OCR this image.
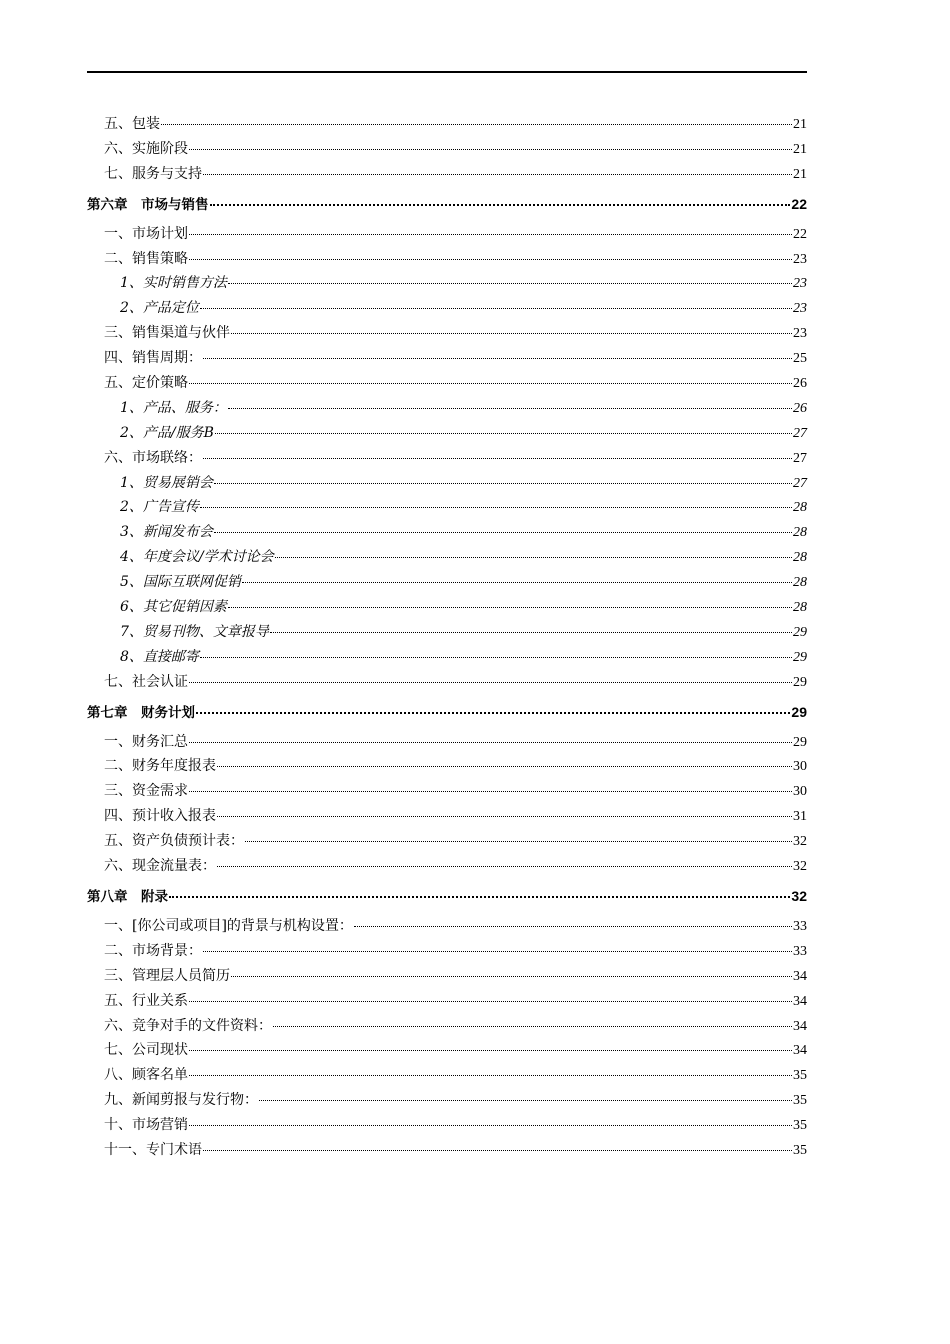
五、包装	21
六、实施阶段	21
七、服务与支持	21
第六章　市场与销售	22
一、市场计划	22
二、销售策略	23
1、实时销售方法	23
2、产品定位	23
三、销售渠道与伙伴	23
四、销售周期：	25
五、定价策略	26
1、产品、服务：	26
2、产品/服务B	27
六、市场联络：	27
1、贸易展销会	27
2、广告宣传	28
3、新闻发布会	28
4、年度会议/学术讨论会	28
5、国际互联网促销	28
6、其它促销因素	28
7、贸易刊物、文章报导	29
8、直接邮寄	29
七、社会认证	29
第七章　财务计划	29
一、财务汇总	29
二、财务年度报表	30
三、资金需求	30
四、预计收入报表	31
五、资产负债预计表：	32
六、现金流量表：	32
第八章　附录	32
一、[你公司或项目]的背景与机构设置：	33
二、市场背景：	33
三、管理层人员简历	34
五、行业关系	34
六、竞争对手的文件资料：	34
七、公司现状	34
八、顾客名单	35
九、新闻剪报与发行物：	35
十、市场营销	35
十一、专门术语	35
